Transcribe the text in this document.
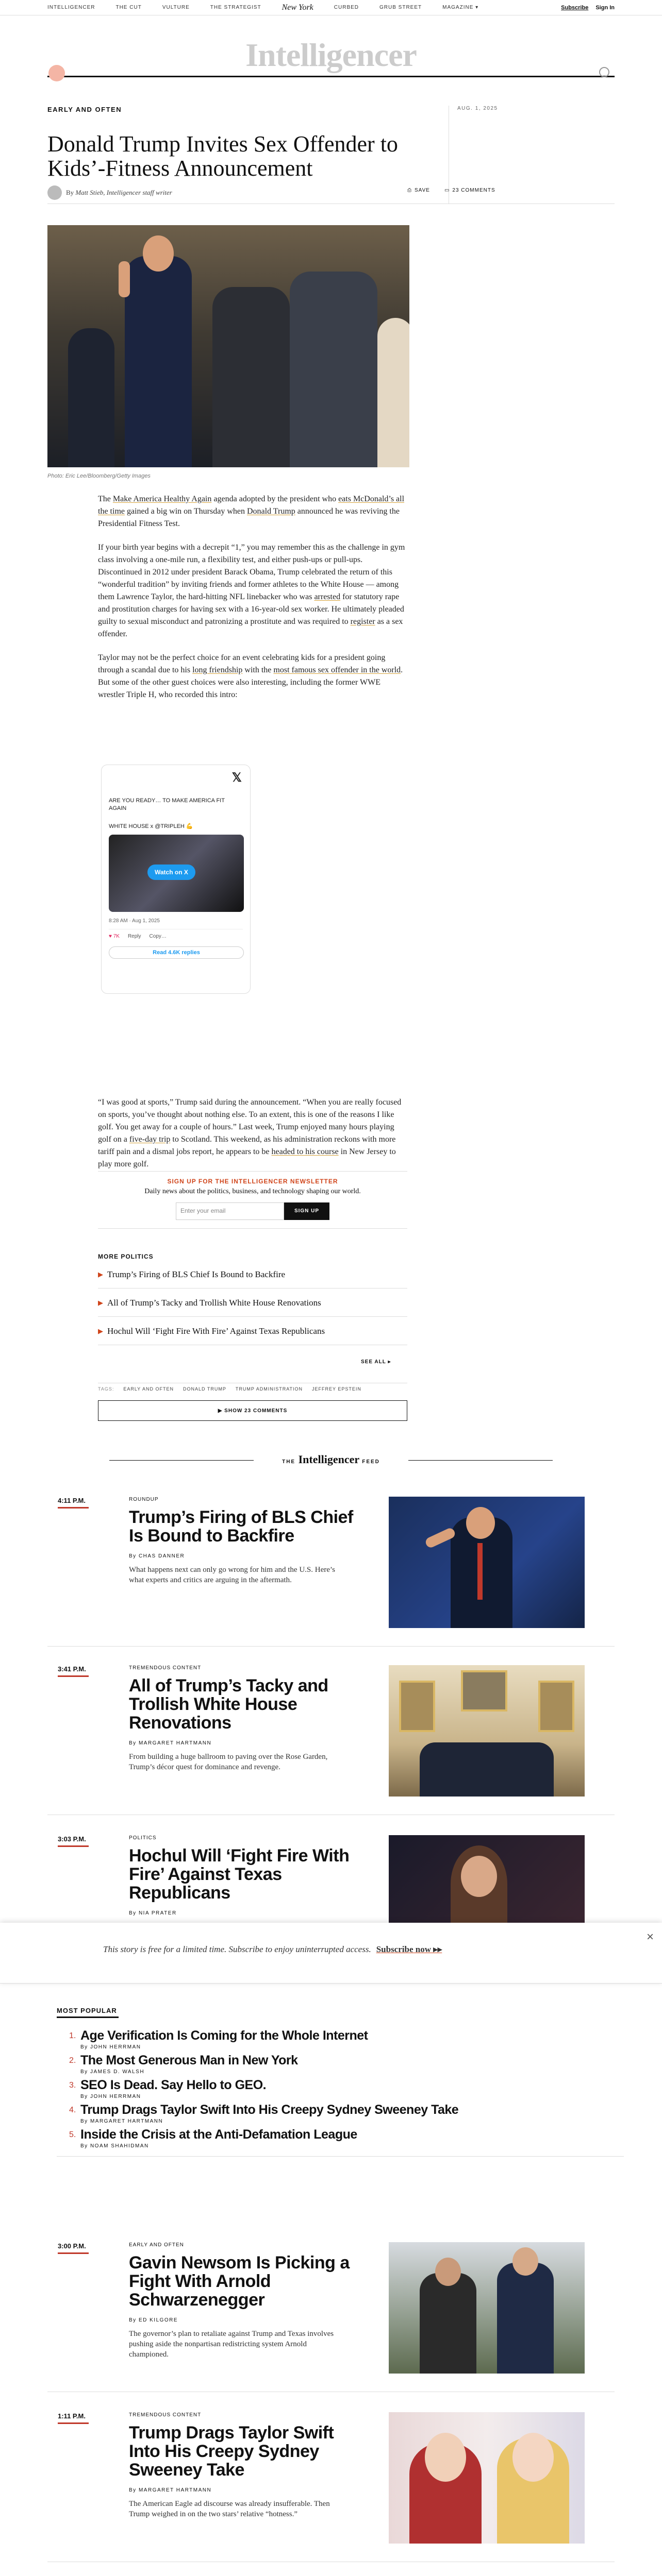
INTELLIGENCER	THE CUT	VULTURE	THE STRATEGIST	New York	CURBED	GRUB STREET	MAGAZINE ▾	Subscribe Sign In
Intelligencer
EARLY AND OFTEN	AUG. 1, 2025
Donald Trump Invites Sex Offender to Kids’-Fitness Announcement
By
Matt Stieb,
Intelligencer staff writer	⎙ SAVE	▭ 23 COMMENTS
Photo: Eric Lee/Bloomberg/Getty Images

The Make America Healthy Again agenda adopted by the president who eats McDonald’s all the time gained a big win on Thursday when Donald Trump announced he was reviving the Presidential Fitness Test.

If your birth year begins with a decrepit “1,” you may remember this as the challenge in gym class involving a one-mile run, a flexibility test, and either push-ups or pull-ups. Discontinued in 2012 under president Barack Obama, Trump celebrated the return of this “wonderful tradition” by inviting friends and former athletes to the White House — among them Lawrence Taylor, the hard-hitting NFL linebacker who was arrested for statutory rape and prostitution charges for having sex with a 16-year-old sex worker. He ultimately pleaded guilty to sexual misconduct and patronizing a prostitute and was required to register as a sex offender.

Taylor may not be the perfect choice for an event celebrating kids for a president going through a scandal due to his long friendship with the most famous sex offender in the world. But some of the other guest choices were also interesting, including the former WWE wrestler Triple H, who recorded this intro:

𝕏
ARE YOU READY… TO MAKE AMERICA FIT AGAIN
WHITE HOUSE x @TRIPLEH 💪
Watch on X
8:28 AM · Aug 1, 2025
♥ 7K Reply Copy…
Read 4.6K replies

“I was good at sports,” Trump said during the announcement. “When you are really focused on sports, you’ve thought about nothing else. To an extent, this is one of the reasons I like golf. You get away for a couple of hours.” Last week, Trump enjoyed many hours playing golf on a five-day trip to Scotland. This weekend, as his administration reckons with more tariff pain and a dismal jobs report, he appears to be headed to his course in New Jersey to play more golf.

SIGN UP FOR THE INTELLIGENCER NEWSLETTER
Daily news about the politics, business, and technology shaping our world.
Enter your email	SIGN UP
MORE POLITICS
▶ Trump’s Firing of BLS Chief Is Bound to Backfire
▶ All of Trump’s Tacky and Trollish White House Renovations
▶ Hochul Will ‘Fight Fire With Fire’ Against Texas Republicans
SEE ALL ▸
TAGS: EARLY AND OFTEN DONALD TRUMP TRUMP ADMINISTRATION JEFFREY EPSTEIN
▶ SHOW 23 COMMENTS
THE Intelligencer FEED
4:11 P.M.	ROUNDUP
Trump’s Firing of BLS Chief Is Bound to Backfire
By CHAS DANNER
What happens next can only go wrong for him and the U.S. Here’s what experts and critics are arguing in the aftermath.
3:41 P.M.	TREMENDOUS CONTENT
All of Trump’s Tacky and Trollish White House Renovations
By MARGARET HARTMANN
From building a huge ballroom to paving over the Rose Garden, Trump’s décor quest for dominance and revenge.
3:03 P.M.	POLITICS
Hochul Will ‘Fight Fire With Fire’ Against Texas Republicans
By NIA PRATER
This story is free for a limited time. Subscribe to enjoy uninterrupted access. Subscribe now ▸▸
×
MOST POPULAR
1. Age Verification Is Coming for the Whole Internet
By JOHN HERRMAN
2. The Most Generous Man in New York
By JAMES D. WALSH
3. SEO Is Dead. Say Hello to GEO.
By JOHN HERRMAN
4. Trump Drags Taylor Swift Into His Creepy Sydney Sweeney Take
By MARGARET HARTMANN
5. Inside the Crisis at the Anti-Defamation League
By NOAM SHAHIDMAN
3:00 P.M.	EARLY AND OFTEN
Gavin Newsom Is Picking a Fight With Arnold Schwarzenegger
By ED KILGORE
The governor’s plan to retaliate against Trump and Texas involves pushing aside the nonpartisan redistricting system Arnold championed.
1:11 P.M.	TREMENDOUS CONTENT
Trump Drags Taylor Swift Into His Creepy Sydney Sweeney Take
By MARGARET HARTMANN
The American Eagle ad discourse was already insufferable. Then Trump weighed in on the two stars’ relative “hotness.”
